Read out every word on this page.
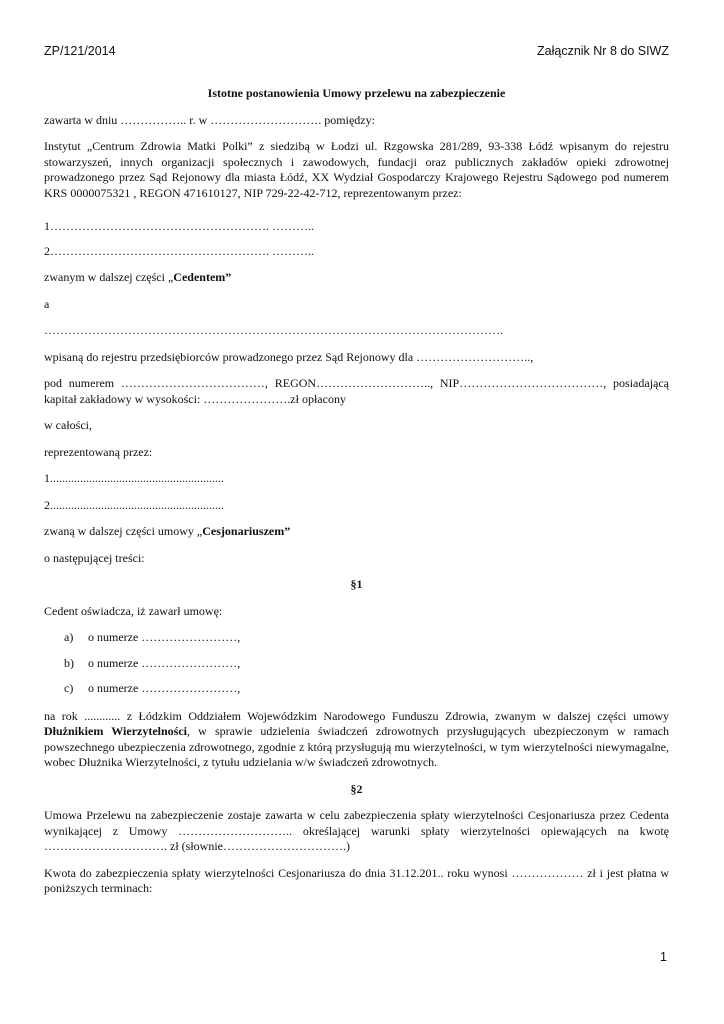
ZP/121/2014	Załącznik Nr 8 do SIWZ

Istotne postanowienia Umowy przelewu na zabezpieczenie

zawarta w dniu …………….. r. w ………………………. pomiędzy:

Instytut „Centrum Zdrowia Matki Polki” z siedzibą w Łodzi ul. Rzgowska 281/289, 93-338 Łódź wpisanym do rejestru stowarzyszeń, innych organizacji społecznych i zawodowych, fundacji oraz publicznych zakładów opieki zdrowotnej prowadzonego przez Sąd Rejonowy dla miasta Łódź, XX Wydział Gospodarczy Krajowego Rejestru Sądowego pod numerem KRS 0000075321 , REGON 471610127, NIP 729-22-42-712, reprezentowanym przez:

1………………………………………………. ………..

2………………………………………………. ………..

zwanym w dalszej części „Cedentem”

a

…………………………………………………………………………………………………….

wpisaną do rejestru przedsiębiorców prowadzonego przez Sąd Rejonowy dla ………………………..,

pod numerem ………………………………, REGON……………………….., NIP………………………………, posiadającą kapitał zakładowy w wysokości: ………………….zł opłacony

w całości,

reprezentowaną przez:

1..........................................................

2..........................................................

zwaną w dalszej części umowy „Cesjonariuszem”

o następującej treści:

§1

Cedent oświadcza, iż zawarł umowę:

a)	o numerze ……………………,
b)	o numerze ……………………,
c)	o numerze ……………………,

na rok ............ z Łódzkim Oddziałem Wojewódzkim Narodowego Funduszu Zdrowia, zwanym w dalszej części umowy Dłużnikiem Wierzytelności, w sprawie udzielenia świadczeń zdrowotnych przysługujących ubezpieczonym w ramach powszechnego ubezpieczenia zdrowotnego, zgodnie z którą przysługują mu wierzytelności, w tym wierzytelności niewymagalne, wobec Dłużnika Wierzytelności, z tytułu udzielania w/w świadczeń zdrowotnych.

§2

Umowa Przelewu na zabezpieczenie zostaje zawarta w celu zabezpieczenia spłaty wierzytelności Cesjonariusza przez Cedenta wynikającej z Umowy ……………………….. określającej warunki spłaty wierzytelności opiewających na kwotę …………………………. zł (słownie………………………….)

Kwota do zabezpieczenia spłaty wierzytelności Cesjonariusza do dnia 31.12.201.. roku wynosi ……………… zł i jest płatna w poniższych terminach:

1
